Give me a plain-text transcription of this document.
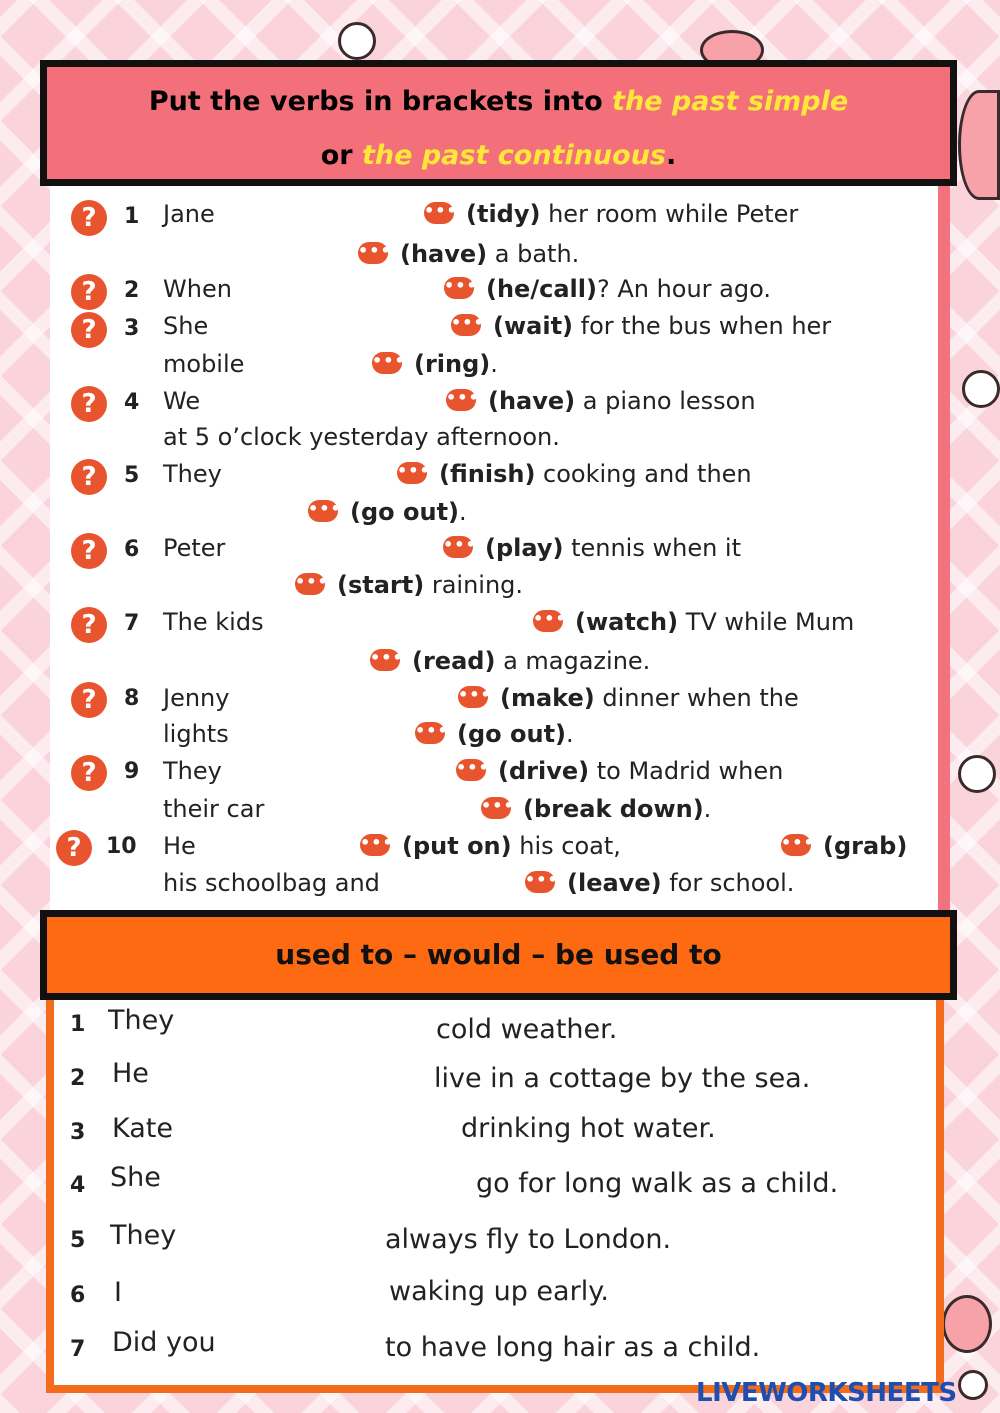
Put the verbs in brackets into the past simple
or the past continuous.
?	1 Jane	••• (tidy) her room while Peter
••• (have) a bath.
?	2 When	••• (he/call)? An hour ago.
?	3 She	••• (wait) for the bus when her
mobile	••• (ring).
?	4 We	••• (have) a piano lesson
at 5 o’clock yesterday afternoon.
?	5 They	••• (finish) cooking and then
••• (go out).
?	6 Peter	••• (play) tennis when it
••• (start) raining.
?	7 The kids	••• (watch) TV while Mum
••• (read) a magazine.
?	8 Jenny	••• (make) dinner when the
lights	••• (go out).
?	9 They	••• (drive) to Madrid when
their car	••• (break down).
?	10 He	••• (put on) his coat,	••• (grab)
his schoolbag and	••• (leave) for school.
used to – would – be used to
1 They	cold weather.
2 He	live in a cottage by the sea.
3 Kate	drinking hot water.
4 She	go for long walk as a child.
5 They	always fly to London.
6 I	waking up early.
7 Did you	to have long hair as a child.
LIVEWORKSHEETS
